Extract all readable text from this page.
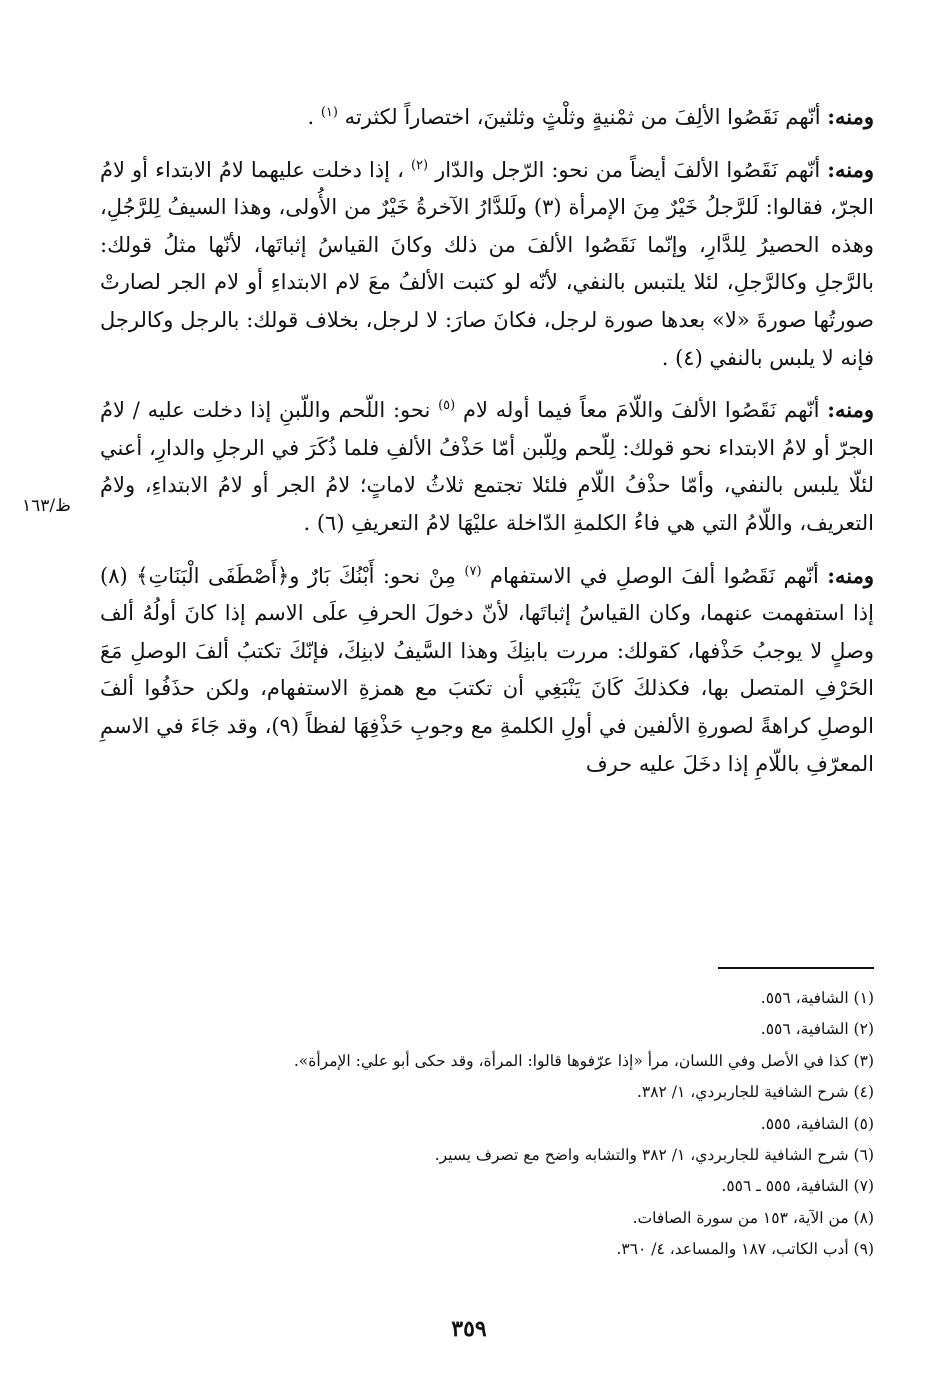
ومنه: أنّهم نَقَصُوا الألِفَ من ثمْنيةٍ وثلْثٍ وثلثينَ، اختصاراً لكثرته $^{(١)}$ .

ومنه: أنّهم نَقَصُوا الألفَ أيضاً من نحو: الرّجل والدّار $^{(٢)}$ ، إذا دخلت عليهما لامُ الابتداء أو لامُ الجرّ، فقالوا: لَلرَّجلُ خَيْرٌ مِنَ الإمرأة (٣) ولَلدَّارُ الآخرةُ خَيْرٌ من الأُولى، وهذا السيفُ لِلرَّجُلِ، وهذه الحصيرُ لِلدَّارِ، وإنّما نَقَصُوا الألفَ من ذلك وكانَ القياسُ إثباتَها، لأنّها مثلُ قولك: بالرَّجلِ وكالرَّجلِ، لئلا يلتبس بالنفي، لأنّه لو كتبت الألفُ معَ لام الابتداءِ أو لام الجر لصارتْ صورتُها صورةَ «لا» بعدها صورة لرجل، فكانَ صارَ: لا لرجل، بخلاف قولك: بالرجل وكالرجل فإنه لا يلبس بالنفي (٤) .

ومنه: أنّهم نَقَصُوا الألفَ واللّامَ معاً فيما أوله لام $^{(٥)}$ نحو: اللّحم واللّبنِ إذا دخلت عليه / لامُ الجرّ أو لامُ الابتداء نحو قولك: لِلّحم ولِلّبن أمّا حَذْفُ الألفِ فلما ذُكَرَ في الرجلِ والدارِ، أعني لئلّا يلبس بالنفي، وأمّا حذْفُ اللّامِ فلئلا تجتمع ثلاثُ لاماتٍ؛ لامُ الجر أو لامُ الابتداءِ، ولامُ التعريف، واللّامُ التي هي فاءُ الكلمةِ الدّاخلة عليْهَا لامُ التعريفِ (٦) .

ومنه: أنّهم نَقَصُوا ألفَ الوصلِ في الاستفهام $^{(٧)}$ مِنْ نحو: أَبْنُكَ بَارٌ و﴿أَصْطَفَى الْبَنَاتِ﴾ (٨) إذا استفهمت عنهما، وكان القياسُ إثباتَها، لأنّ دخولَ الحرفِ علَى الاسم إذا كانَ أولُهُ ألف وصلٍ لا يوجبُ حَذْفها، كقولك: مررت بابنِكَ وهذا السَّيفُ لابنِكَ، فإنّكَ تكتبُ ألفَ الوصلِ مَعَ الحَرْفِ المتصل بها، فكذلكَ كَانَ يَنْبَغِي أن تكتبَ مع همزةِ الاستفهام، ولكن حذَفُوا ألفَ الوصلِ كراهةً لصورةِ الألفين في أولِ الكلمةِ مع وجوبِ حَذْفِهَا لفظاً (٩)، وقد جَاءَ في الاسمِ المعرّفِ باللّامِ إذا دخَلَ عليه حرف

ظ/١٦٣

(١) الشافية، ٥٥٦.

(٢) الشافية، ٥٥٦.

(٣) كذا في الأصل وفي اللسان، مرأ «إذا عرّفوها قالوا: المرأة، وقد حكى أبو علي: الإمرأة».

(٤) شرح الشافية للجاربردي، ١/ ٣٨٢.

(٥) الشافية، ٥٥٥.

(٦) شرح الشافية للجاربردي، ١/ ٣٨٢ والتشابه واضح مع تصرف يسير.

(٧) الشافية، ٥٥٥ ـ ٥٥٦.

(٨) من الآية، ١٥٣ من سورة الصافات.

(٩) أدب الكاتب، ١٨٧ والمساعد، ٤/ ٣٦٠.

٣٥٩
